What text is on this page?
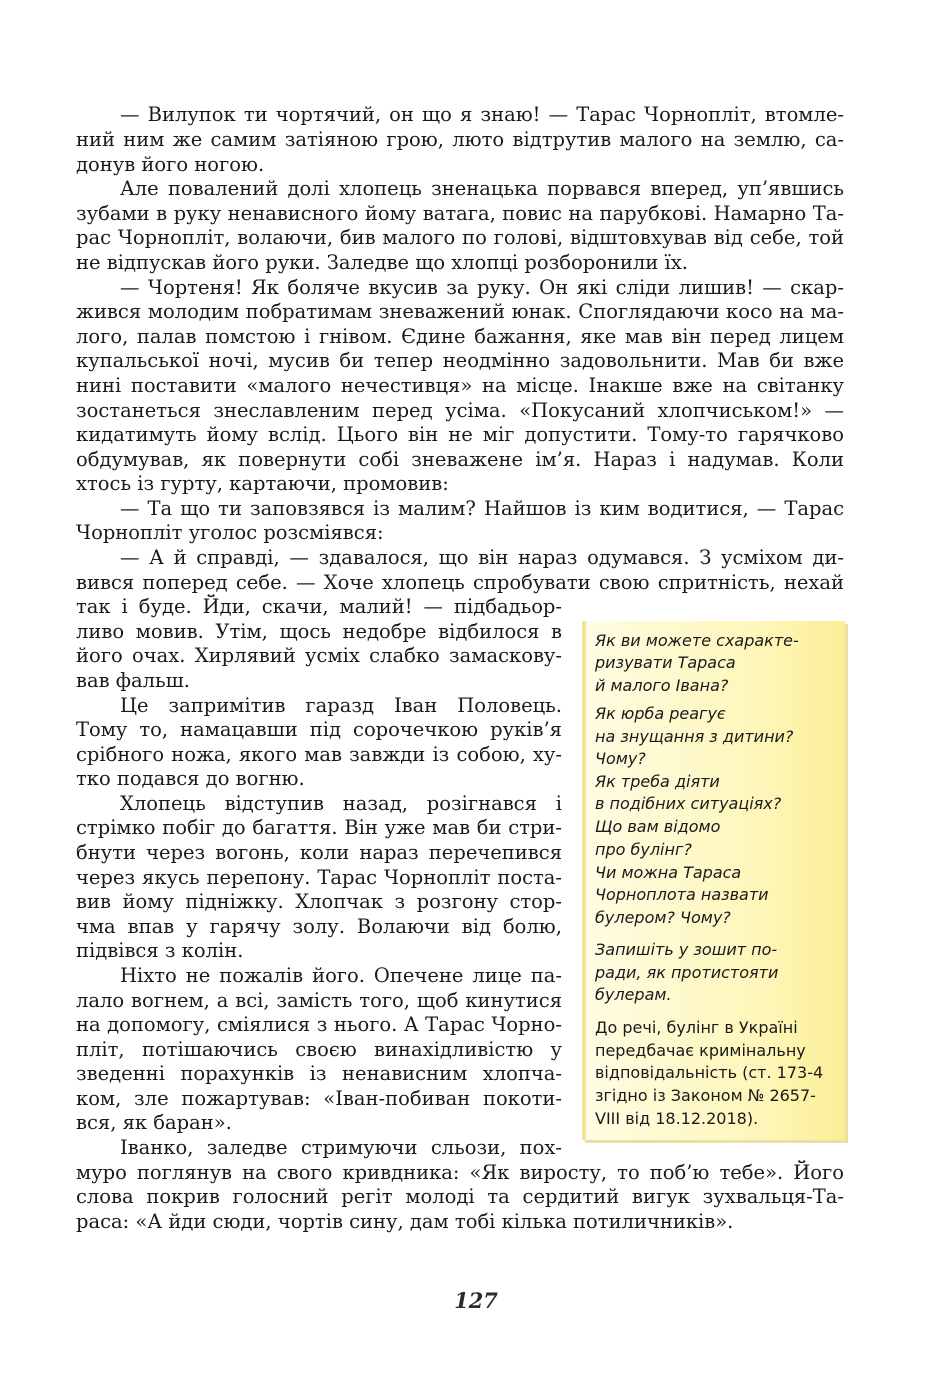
— Вилупок ти чортячий, он що я знаю! — Тарас Чорноплiт, втомле-
ний ним же самим затiяною грою, люто вiдтрутив малого на землю, са-
донув його ногою.
Але повалений долi хлопець зненацька порвався вперед, уп’явшись
зубами в руку ненависного йому ватага, повис на парубковi. Намарно Та-
рас Чорноплiт, волаючи, бив малого по головi, вiдштовхував вiд себе, той
не вiдпускав його руки. Заледве що хлопцi розборонили їх.
— Чортеня! Як болячe вкусив за руку. Он якi слiди лишив! — скар-
жився молодим побратимам зневажений юнак. Споглядаючи косо на ма-
лого, палав помстою i гнiвом. Єдине бажання, яке мав вiн перед лицем
купальської ночi, мусив би тепер неодмiнно задовольнити. Мав би вже
нинi поставити «малого нечестивця» на мiсце. Iнакше вже на свiтанку
зостанеться знеславленим перед усiма. «Покусаний хлопчиськом!» —
кидатимуть йому вслiд. Цього вiн не мiг допустити. Тому-то гарячково
обдумував, як повернути собi зневажене iм’я. Нараз i надумав. Коли
хтось iз гурту, картаючи, промовив:
— Та що ти заповзявся iз малим? Найшов iз ким водитися, — Тарас
Чорноплiт уголос розсмiявся:
— А й справдi, — здавалося, що вiн нараз одумався. З усмiхом ди-
вився поперед себе. — Хоче хлопець спробувати свою спритнiсть, нехай
так i буде. Йди, скачи, малий! — пiдбадьор-
ливо мовив. Утiм, щось недобре вiдбилося в
його очах. Хирлявий усмiх слабко замаскову-
вав фальш.
Це запримiтив гаразд Iван Половець.
Тому то, намацавши пiд сорочечкою рукiв’я
срiбного ножа, якого мав завжди iз собою, ху-
тко подався до вогню.
Хлопець вiдступив назад, розiгнався i
стрiмко побiг до багаття. Вiн уже мав би стри-
бнути через вогонь, коли нараз перечепився
через якусь перепону. Тарас Чорноплiт поста-
вив йому пiднiжку. Хлопчак з розгону стор-
чма впав у гарячу золу. Волаючи вiд болю,
пiдвiвся з колiн.
Нiхто не пожалiв його. Опечене лице па-
лало вогнем, а всi, замiсть того, щоб кинутися
на допомогу, смiялися з нього. А Тарас Чорно-
плiт, потiшаючись своєю винахiдливiстю у
зведеннi порахункiв iз ненависним хлопча-
ком, зле пожартував: «Iван-побиван покоти-
вся, як баран».
Iванко, заледве стримуючи сльози, пох-
муро поглянув на свого кривдника: «Як виросту, то поб’ю тебе». Його
слова покрив голосний регiт молодi та сердитий вигук зухвальця-Та-
раса: «А йди сюди, чортiв сину, дам тобi кiлька потиличникiв».
Як ви можете схаракте-
ризувати Тараса
й малого Івана?
Як юрба реагує
на знущання з дитини?
Чому?
Як треба діяти
в подібних ситуаціях?
Що вам відомо
про булінг?
Чи можна Тараса
Чорноплота назвати
булером? Чому?
Запишіть у зошит по-
ради, як протистояти
булерам.
До речі, булінг в Україні
передбачає кримінальну
відповідальність (ст. 173-4
згідно із Законом № 2657-
VIII від 18.12.2018).
127
